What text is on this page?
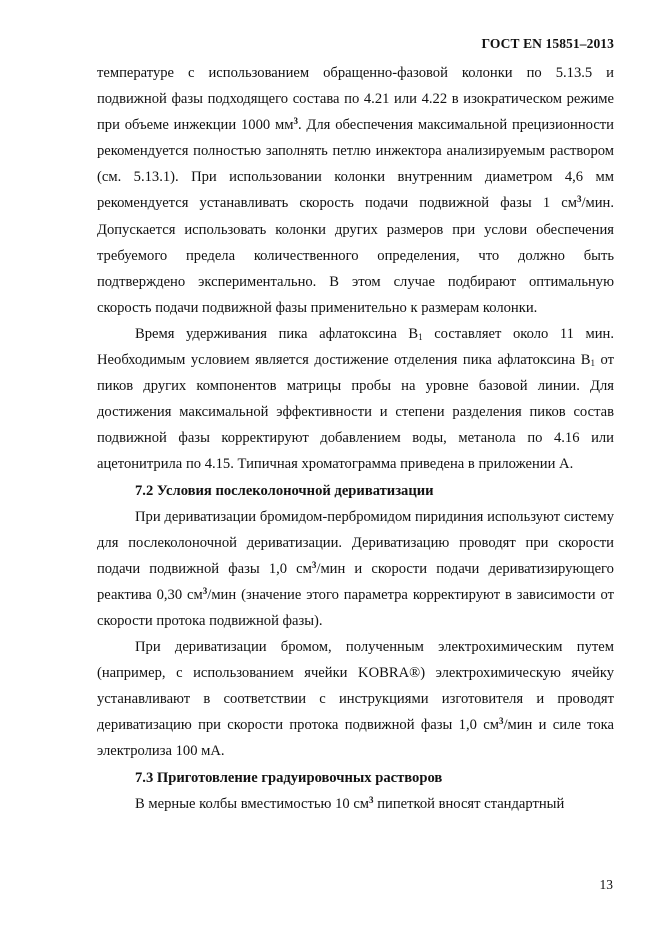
ГОСТ EN 15851–2013

температуре с использованием обращенно-фазовой колонки по 5.13.5 и подвижной фазы подходящего состава по 4.21 или 4.22 в изократическом режиме при объеме инжекции 1000 $мм^3$. Для обеспечения максимальной прецизионности рекомендуется полностью заполнять петлю инжектора анализируемым раствором (см. 5.13.1). При использовании колонки внутренним диаметром 4,6 мм рекомендуется устанавливать скорость подачи подвижной фазы 1 $см^3$/мин. Допускается использовать колонки других размеров при услови обеспечения требуемого предела количественного определения, что должно быть подтверждено экспериментально. В этом случае подбирают оптимальную скорость подачи подвижной фазы применительно к размерам колонки.

Время удерживания пика афлатоксина $B_1$ составляет около 11 мин. Необходимым условием является достижение отделения пика афлатоксина $B_1$ от пиков других компонентов матрицы пробы на уровне базовой линии. Для достижения максимальной эффективности и степени разделения пиков состав подвижной фазы корректируют добавлением воды, метанола по 4.16 или ацетонитрила по 4.15. Типичная хроматограмма приведена в приложении А.

7.2 Условия послеколоночной дериватизации

При дериватизации бромидом-пербромидом пиридиния используют систему для послеколоночной дериватизации. Дериватизацию проводят при скорости подачи подвижной фазы 1,0 $см^3$/мин и скорости подачи дериватизирующего реактива 0,30 $см^3$/мин (значение этого параметра корректируют в зависимости от скорости протока подвижной фазы).

При дериватизации бромом, полученным электрохимическим путем (например, с использованием ячейки KOBRA®) электрохимическую ячейку устанавливают в соответствии с инструкциями изготовителя и проводят дериватизацию при скорости протока подвижной фазы 1,0 $см^3$/мин и силе тока электролиза 100 мА.

7.3 Приготовление градуировочных растворов

В мерные колбы вместимостью 10 $см^3$ пипеткой вносят стандартный

13
